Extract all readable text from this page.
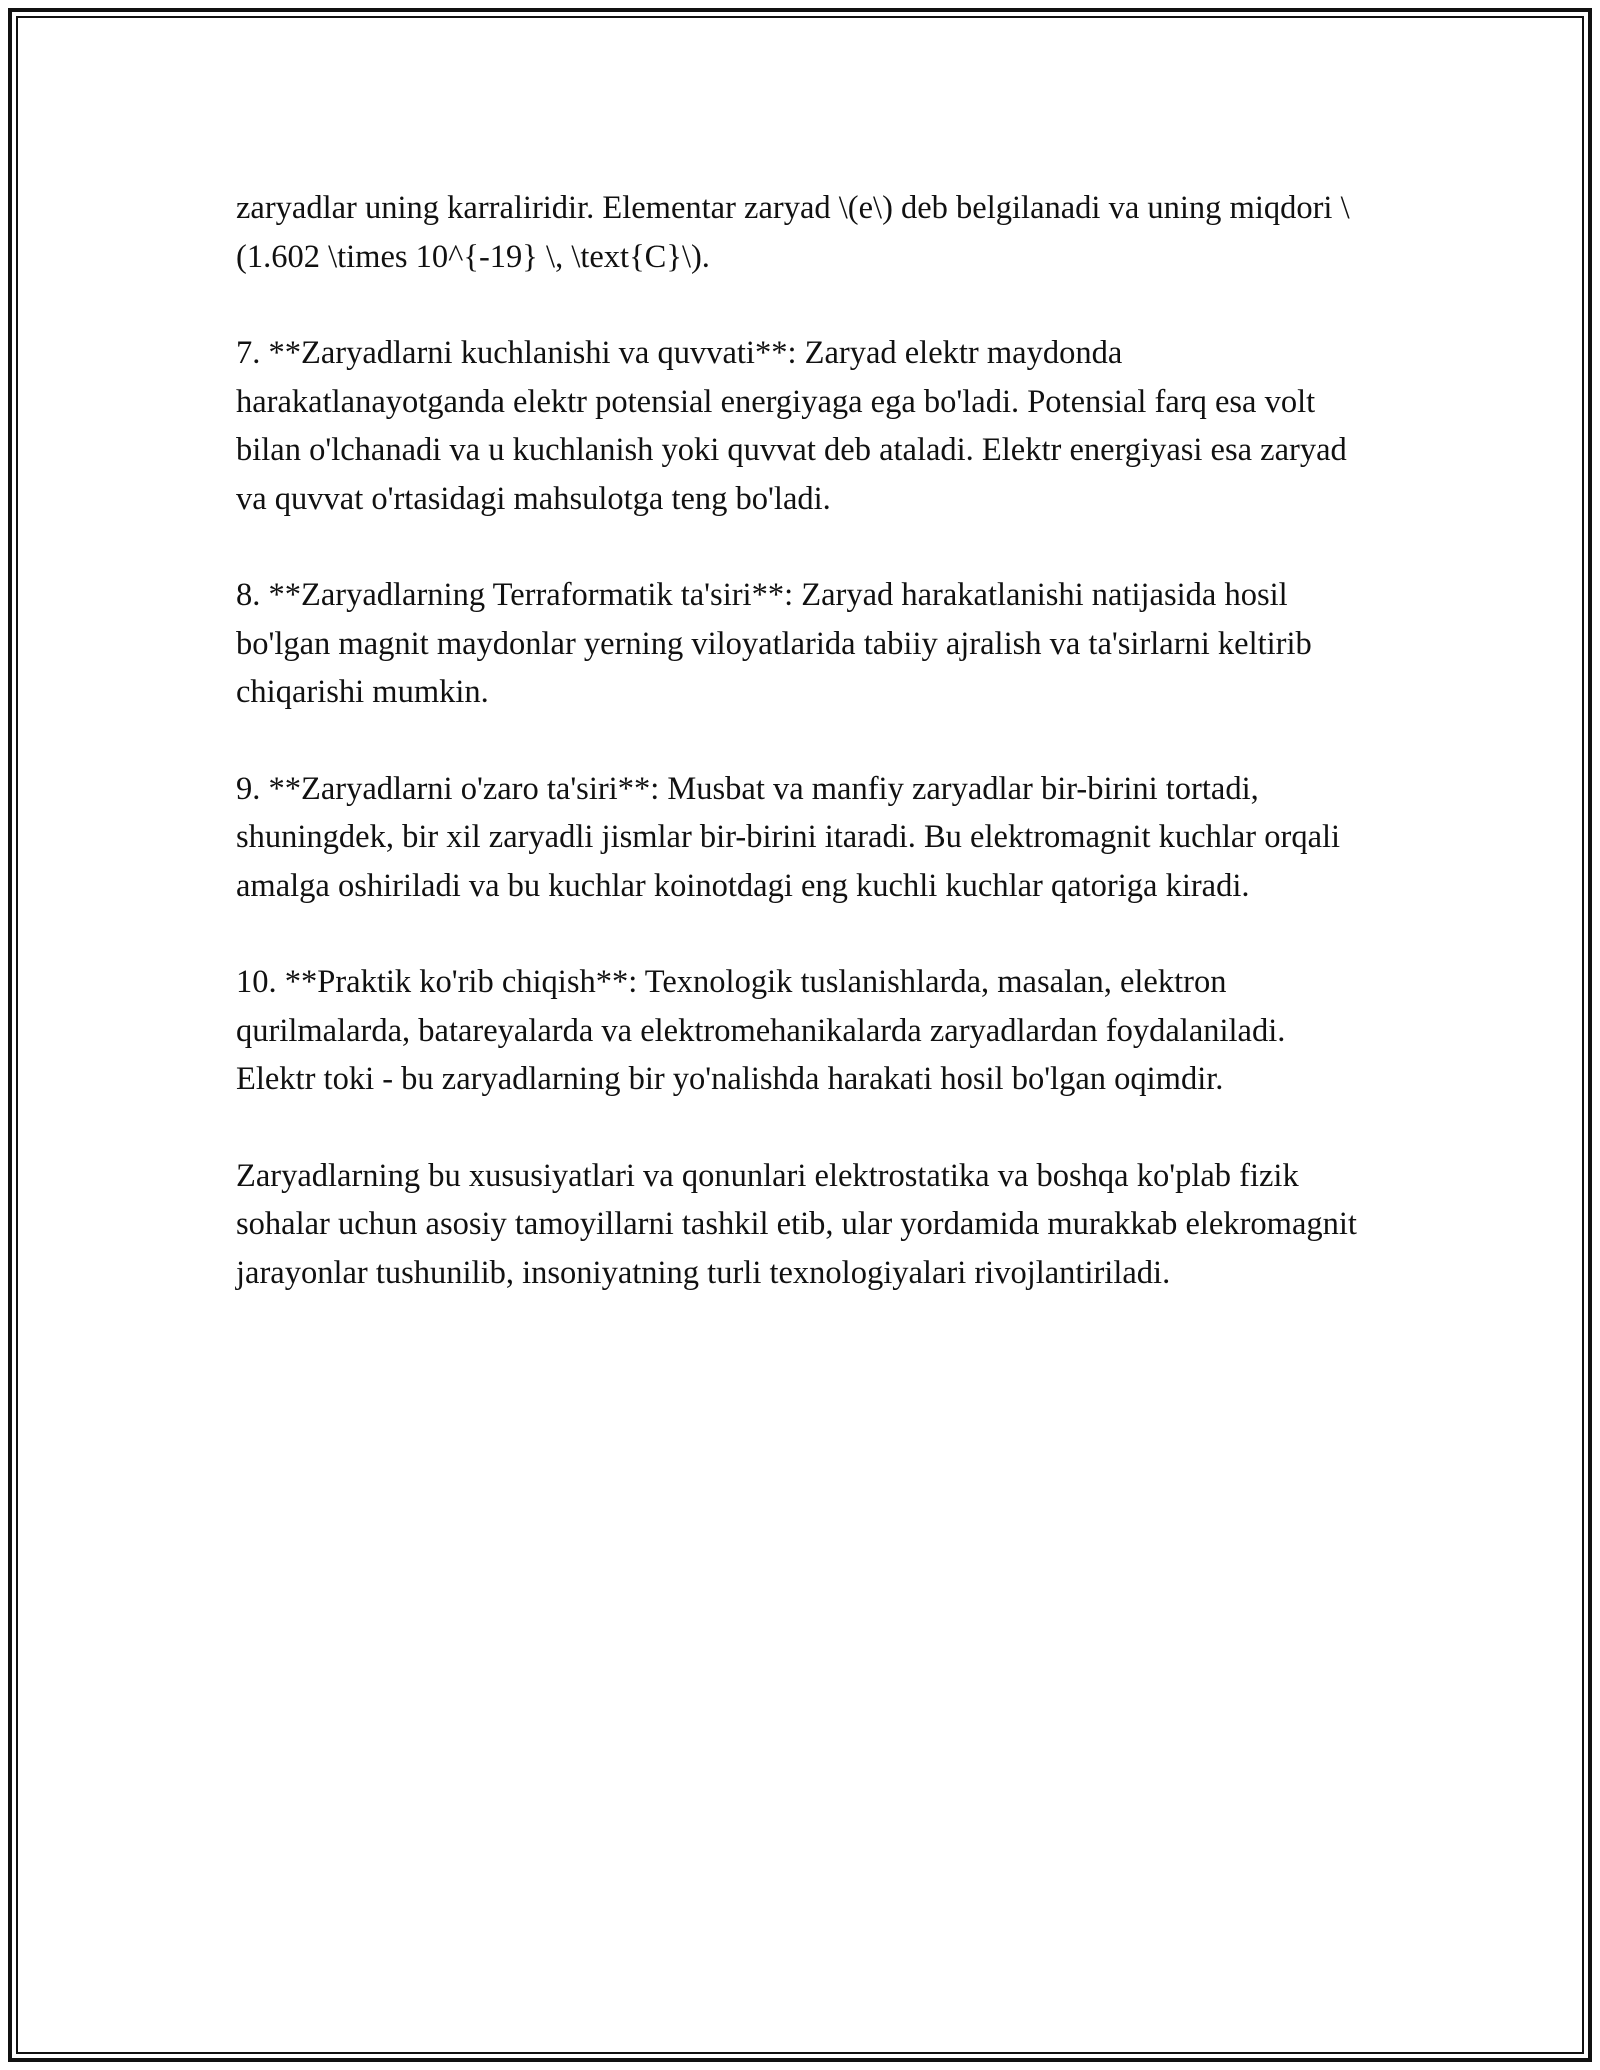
zaryadlar uning karraliridir. Elementar zaryad \(e\) deb belgilanadi va uning miqdori \(1.602 \times 10^{-19} \, \text{C}\).

7. **Zaryadlarni kuchlanishi va quvvati**: Zaryad elektr maydonda harakatlanayotganda elektr potensial energiyaga ega bo'ladi. Potensial farq esa volt bilan o'lchanadi va u kuchlanish yoki quvvat deb ataladi. Elektr energiyasi esa zaryad va quvvat o'rtasidagi mahsulotga teng bo'ladi.

8. **Zaryadlarning Terraformatik ta'siri**: Zaryad harakatlanishi natijasida hosil bo'lgan magnit maydonlar yerning viloyatlarida tabiiy ajralish va ta'sirlarni keltirib chiqarishi mumkin.

9. **Zaryadlarni o'zaro ta'siri**: Musbat va manfiy zaryadlar bir-birini tortadi, shuningdek, bir xil zaryadli jismlar bir-birini itaradi. Bu elektromagnit kuchlar orqali amalga oshiriladi va bu kuchlar koinotdagi eng kuchli kuchlar qatoriga kiradi.

10. **Praktik ko'rib chiqish**: Texnologik tuslanishlarda, masalan, elektron qurilmalarda, batareyalarda va elektromehanikalarda zaryadlardan foydalaniladi. Elektr toki - bu zaryadlarning bir yo'nalishda harakati hosil bo'lgan oqimdir.

Zaryadlarning bu xususiyatlari va qonunlari elektrostatika va boshqa ko'plab fizik sohalar uchun asosiy tamoyillarni tashkil etib, ular yordamida murakkab elekromagnit jarayonlar tushunilib, insoniyatning turli texnologiyalari rivojlantiriladi.
